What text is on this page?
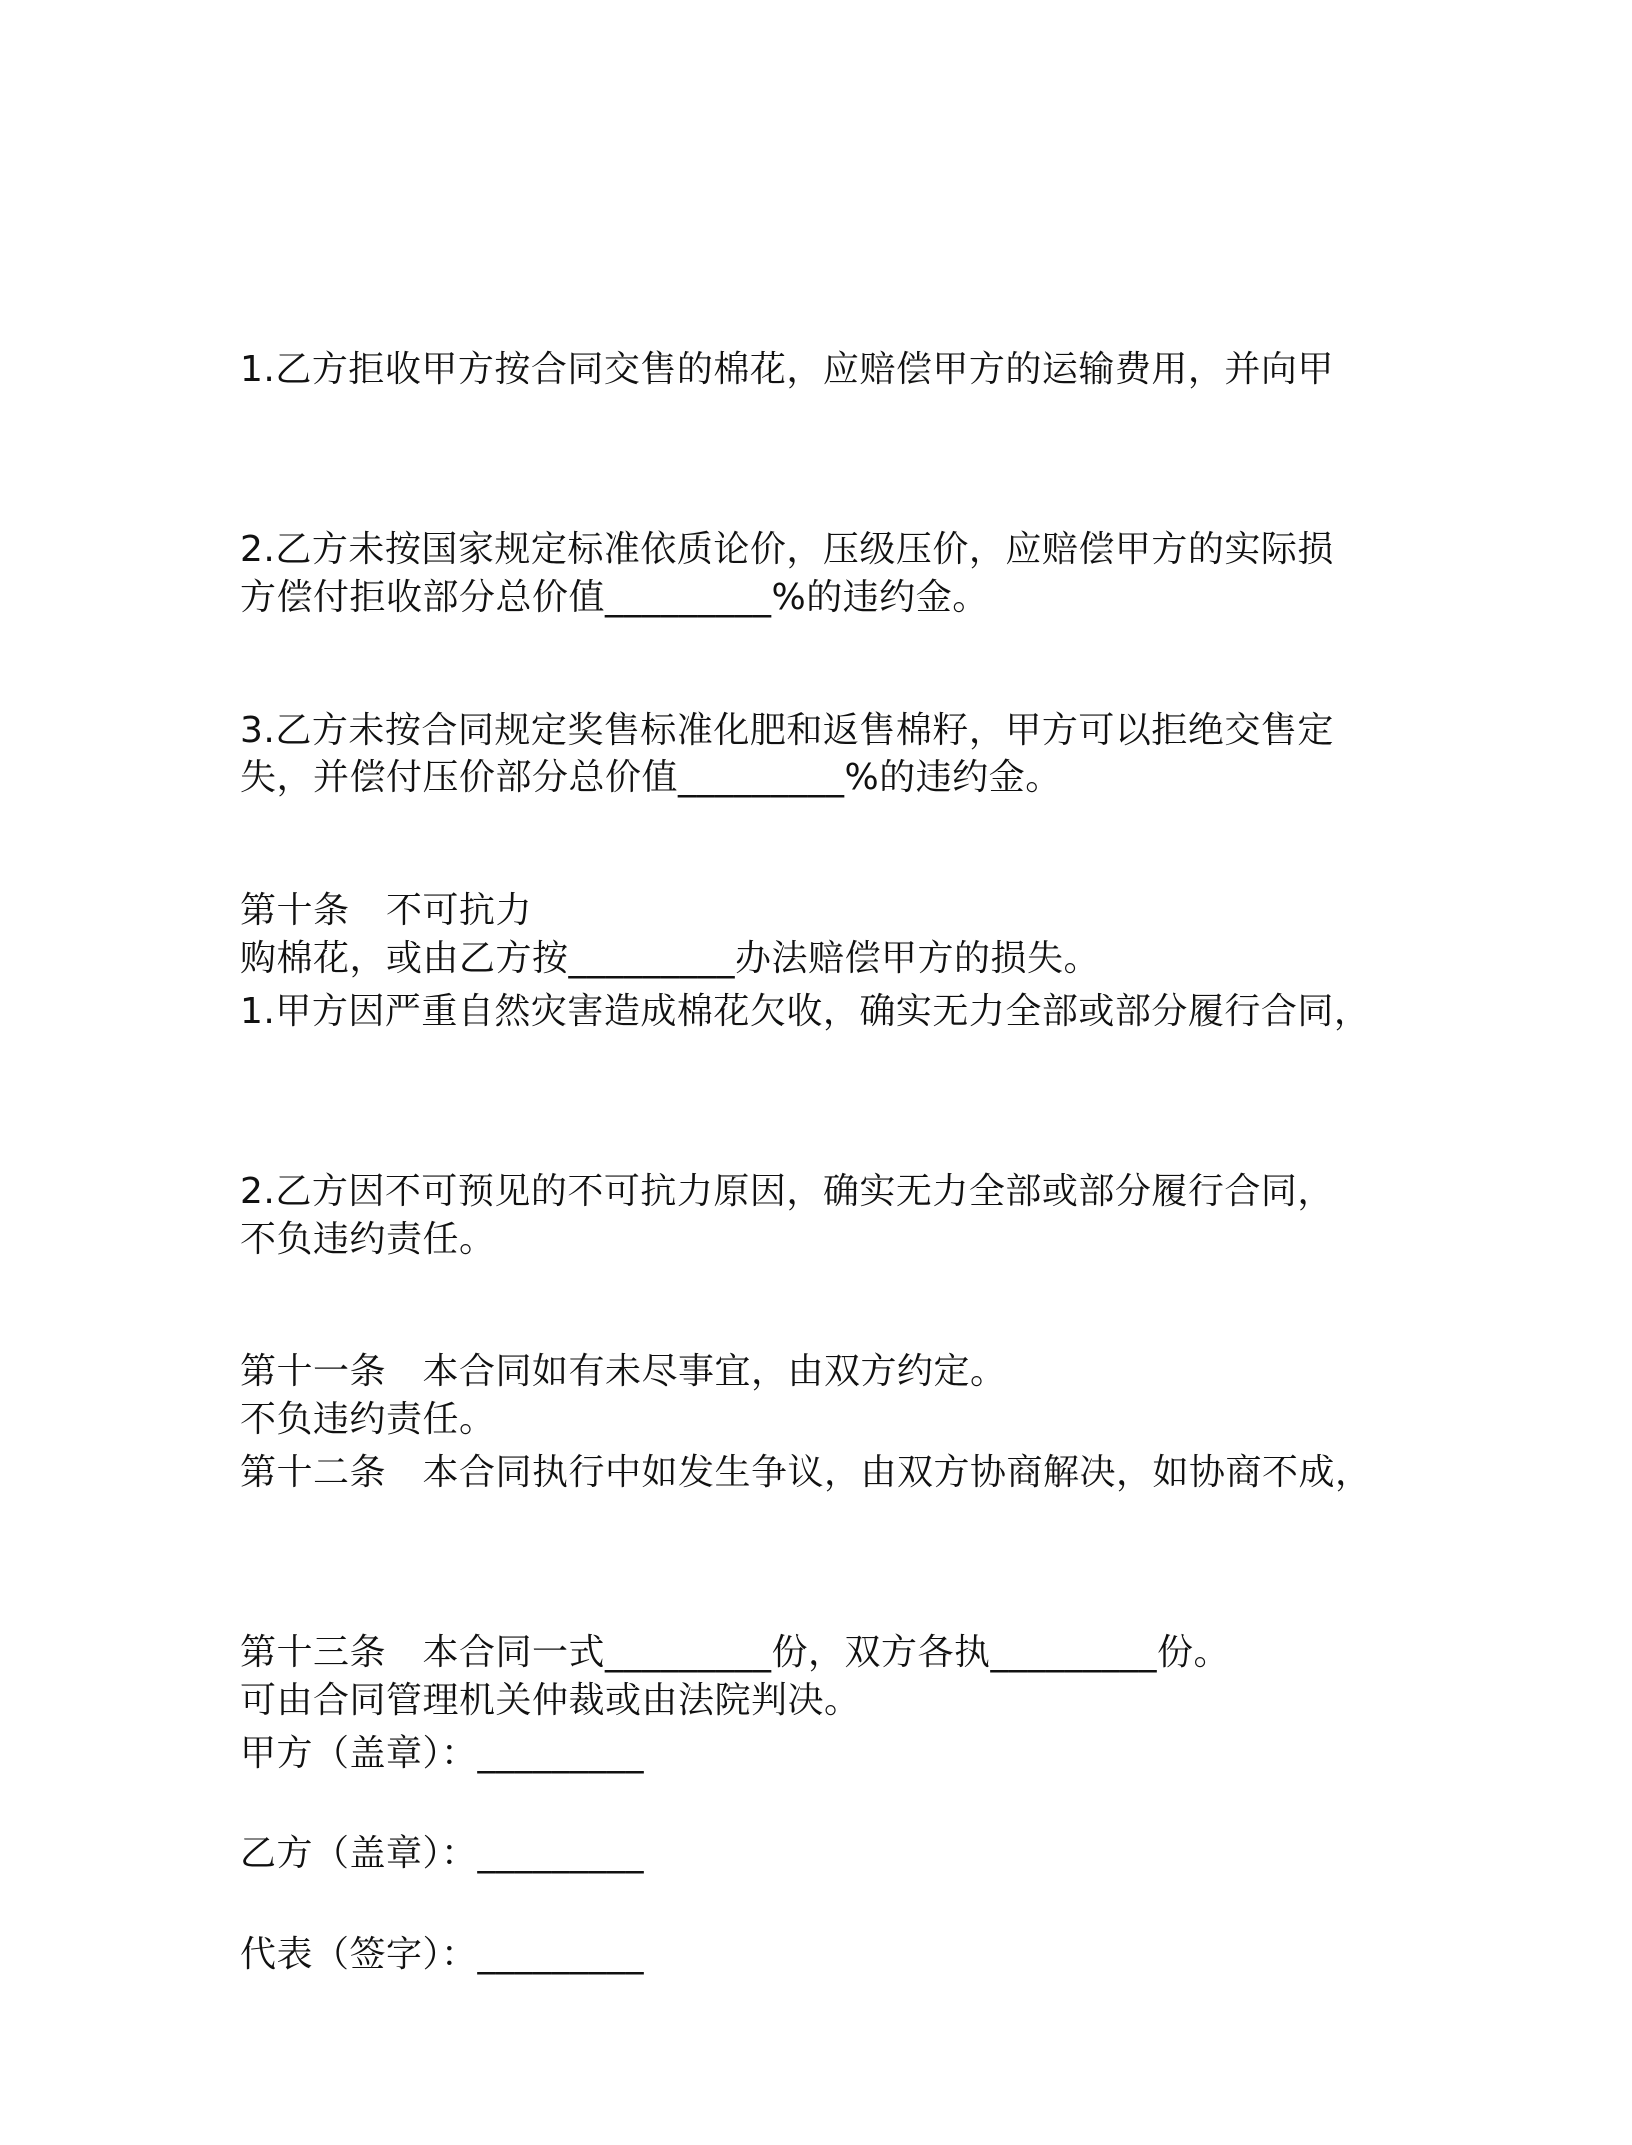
1.乙方拒收甲方按合同交售的棉花，应赔偿甲方的运输费用，并向甲

方偿付拒收部分总价值_________%的违约金。

2.乙方未按国家规定标准依质论价，压级压价，应赔偿甲方的实际损

失，并偿付压价部分总价值_________%的违约金。

3.乙方未按合同规定奖售标准化肥和返售棉籽，甲方可以拒绝交售定

购棉花，或由乙方按_________办法赔偿甲方的损失。

第十条　不可抗力

1.甲方因严重自然灾害造成棉花欠收，确实无力全部或部分履行合同，

不负违约责任。

2.乙方因不可预见的不可抗力原因，确实无力全部或部分履行合同，

不负违约责任。

第十一条　本合同如有未尽事宜，由双方约定。

第十二条　本合同执行中如发生争议，由双方协商解决，如协商不成，

可由合同管理机关仲裁或由法院判决。

第十三条　本合同一式_________份，双方各执_________份。

甲方（盖章）：_________

乙方（盖章）：_________

代表（签字）：_________
